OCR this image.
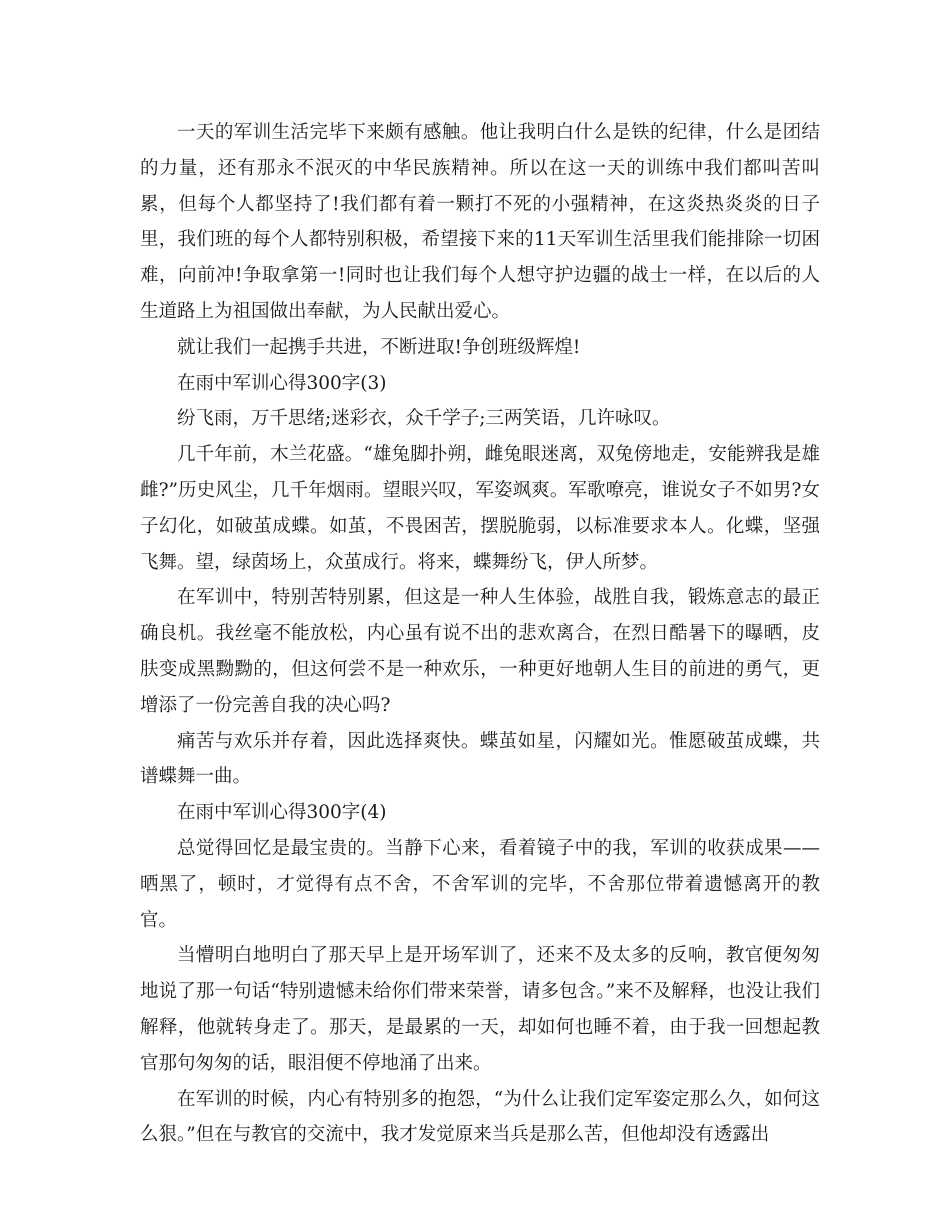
一天的军训生活完毕下来颇有感触。他让我明白什么是铁的纪律，什么是团结的力量，还有那永不泯灭的中华民族精神。所以在这一天的训练中我们都叫苦叫累，但每个人都坚持了!我们都有着一颗打不死的小强精神，在这炎热炎炎的日子里，我们班的每个人都特别积极，希望接下来的11天军训生活里我们能排除一切困难，向前冲!争取拿第一!同时也让我们每个人想守护边疆的战士一样，在以后的人生道路上为祖国做出奉献，为人民献出爱心。

就让我们一起携手共进，不断进取!争创班级辉煌!

在雨中军训心得300字(3)

纷飞雨，万千思绪;迷彩衣，众千学子;三两笑语，几许咏叹。

几千年前，木兰花盛。“雄兔脚扑朔，雌兔眼迷离，双兔傍地走，安能辨我是雄雌?”历史风尘，几千年烟雨。望眼兴叹，军姿飒爽。军歌嘹亮，谁说女子不如男?女子幻化，如破茧成蝶。如茧，不畏困苦，摆脱脆弱，以标准要求本人。化蝶，坚强飞舞。望，绿茵场上，众茧成行。将来，蝶舞纷飞，伊人所梦。

在军训中，特别苦特别累，但这是一种人生体验，战胜自我，锻炼意志的最正确良机。我丝毫不能放松，内心虽有说不出的悲欢离合，在烈日酷暑下的曝晒，皮肤变成黑黝黝的，但这何尝不是一种欢乐，一种更好地朝人生目的前进的勇气，更增添了一份完善自我的决心吗?

痛苦与欢乐并存着，因此选择爽快。蝶茧如星，闪耀如光。惟愿破茧成蝶，共谱蝶舞一曲。

在雨中军训心得300字(4)

总觉得回忆是最宝贵的。当静下心来，看着镜子中的我，军训的收获成果——晒黑了，顿时，才觉得有点不舍，不舍军训的完毕，不舍那位带着遗憾离开的教官。

当懵明白地明白了那天早上是开场军训了，还来不及太多的反响，教官便匆匆地说了那一句话“特别遗憾未给你们带来荣誉，请多包含。”来不及解释，也没让我们解释，他就转身走了。那天，是最累的一天，却如何也睡不着，由于我一回想起教官那句匆匆的话，眼泪便不停地涌了出来。

在军训的时候，内心有特别多的抱怨，“为什么让我们定军姿定那么久，如何这么狠。”但在与教官的交流中，我才发觉原来当兵是那么苦，但他却没有透露出
